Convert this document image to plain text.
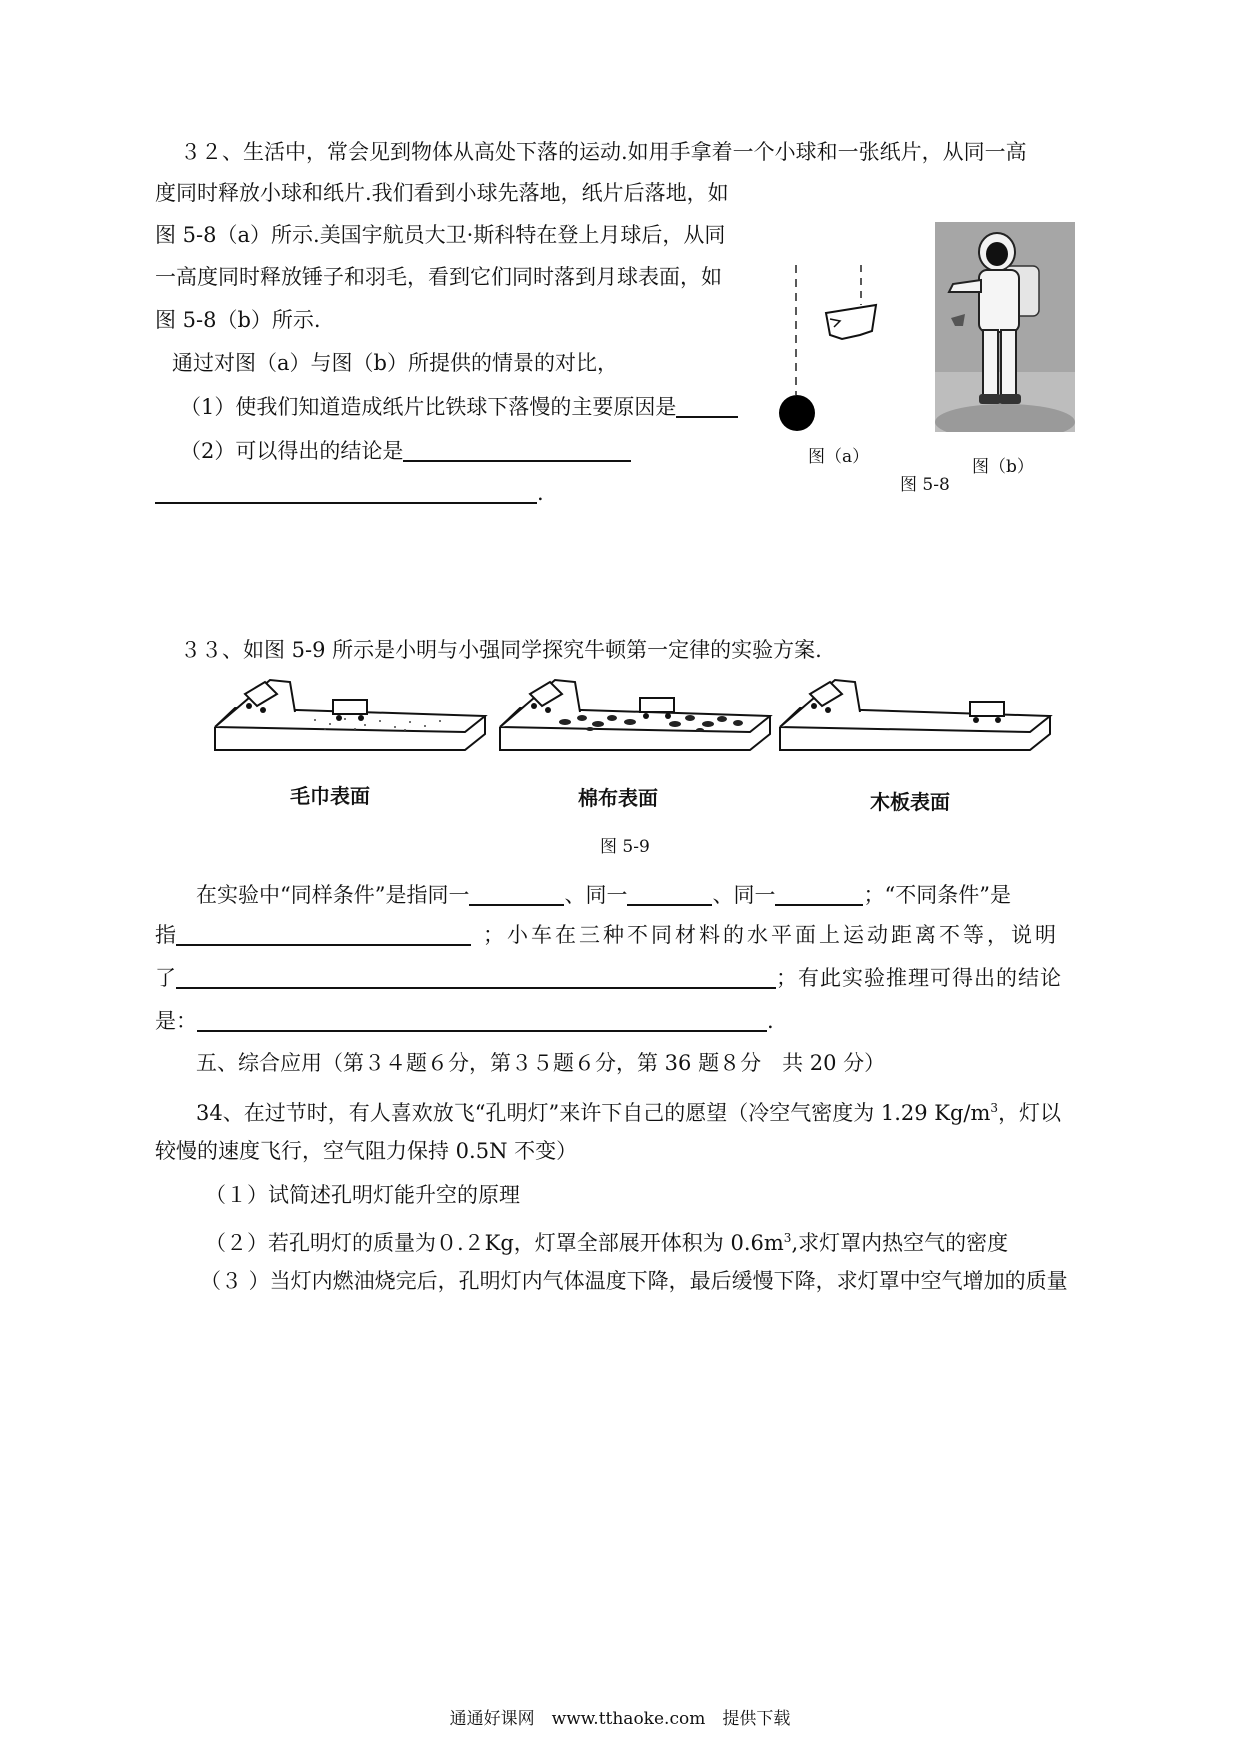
３２、生活中，常会见到物体从高处下落的运动.如用手拿着一个小球和一张纸片，从同一高
度同时释放小球和纸片.我们看到小球先落地，纸片后落地，如
图 5-8（a）所示.美国宇航员大卫·斯科特在登上月球后，从同
一高度同时释放锤子和羽毛，看到它们同时落到月球表面，如
图 5-8（b）所示.
通过对图（a）与图（b）所提供的情景的对比，
（1）使我们知道造成纸片比铁球下落慢的主要原因是
（2）可以得出的结论是
.
图（a）	图（b）
图 5-8
３３、如图 5-9 所示是小明与小强同学探究牛顿第一定律的实验方案.
毛巾表面	棉布表面	木板表面
图 5-9
在实验中“同样条件”是指同一	、同一	、同一	；“不同条件”是
指	；小车在三种不同材料的水平面上运动距离不等，说明
了	；有此实验推理可得出的结论
是：	.
五、综合应用（第３４题６分，第３５题６分，第 36 题８分　共 20 分）
34、在过节时，有人喜欢放飞“孔明灯”来许下自己的愿望（冷空气密度为 1.29 $Kg/m^3$，灯以
较慢的速度飞行，空气阻力保持 0.5N 不变）
（１）试简述孔明灯能升空的原理
（２）若孔明灯的质量为０.２Kg，灯罩全部展开体积为 $0.6m^3$,求灯罩内热空气的密度
（３ ）当灯内燃油烧完后，孔明灯内气体温度下降，最后缓慢下降，求灯罩中空气增加的质量
通通好课网　www.tthaoke.com　提供下载
